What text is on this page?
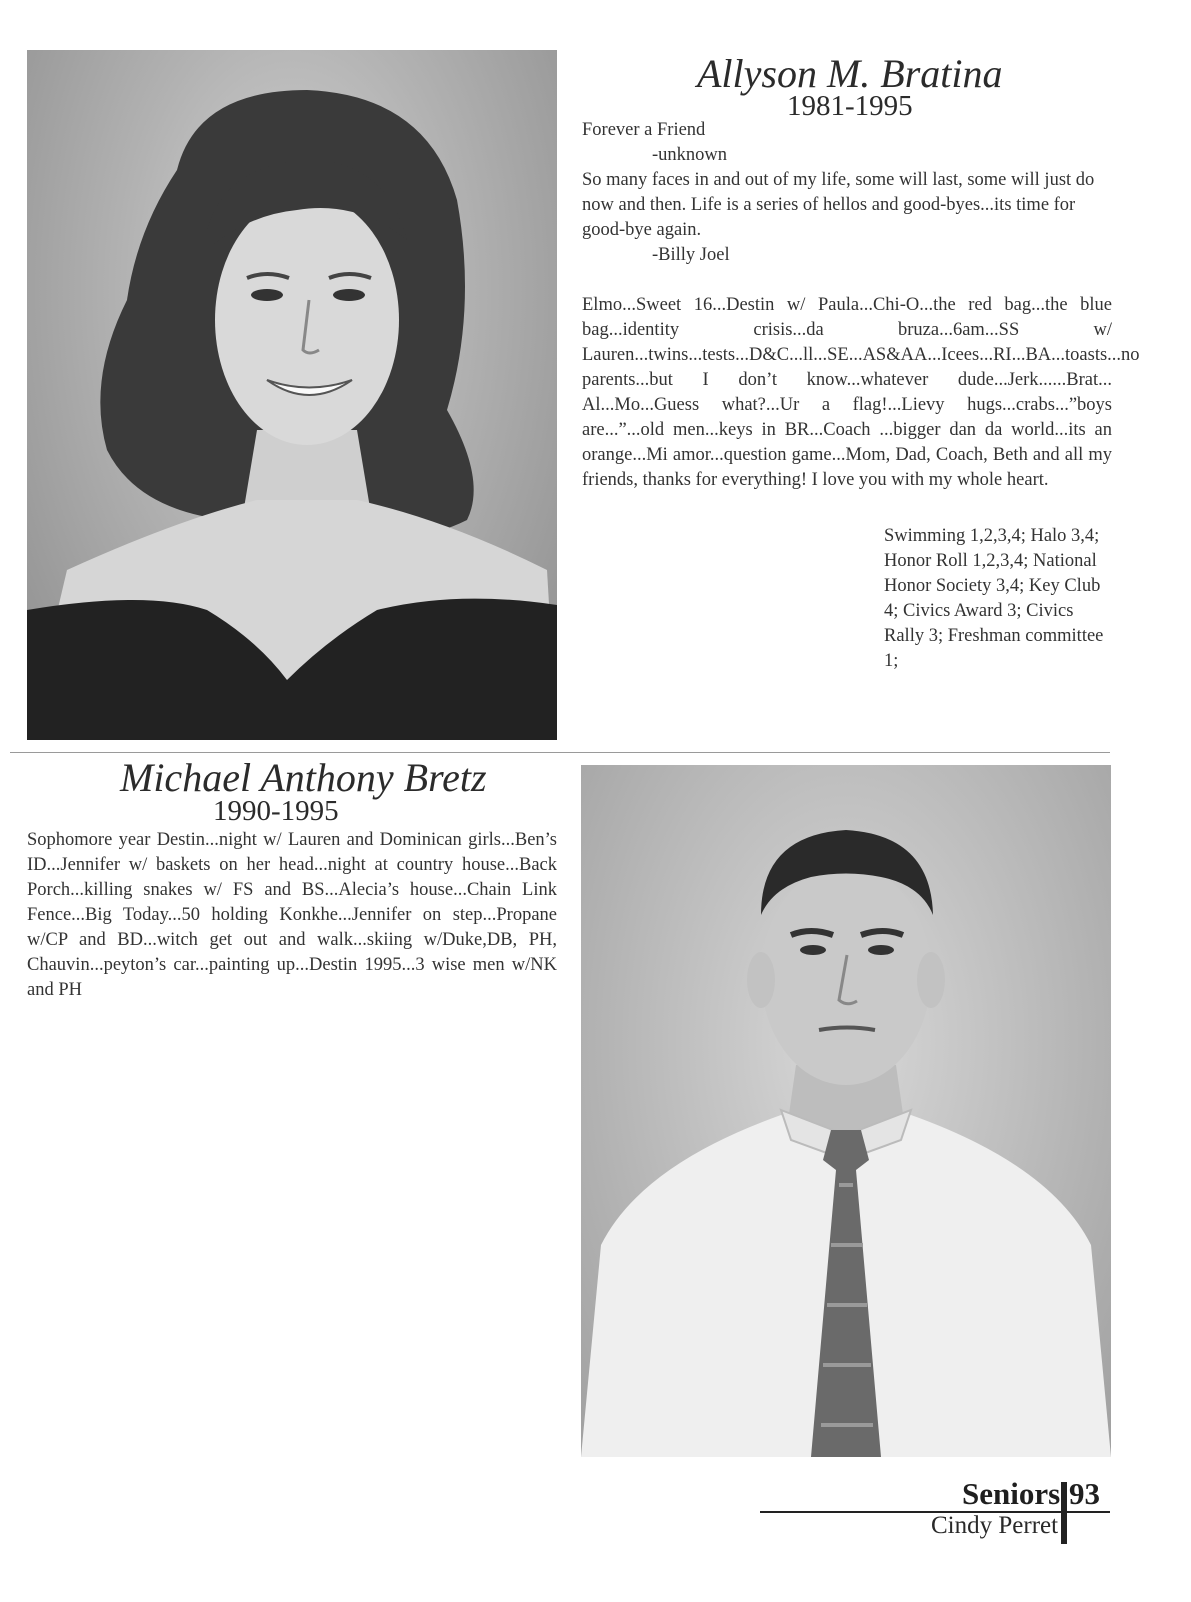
Allyson M. Bratina
1981-1995

Forever a Friend

-unknown

So many faces in and out of my life, some will last, some will just do now and then. Life is a series of hellos and good-byes...its time for good-bye again.

-Billy Joel

Elmo...Sweet 16...Destin w/ Paula...Chi-O...the red bag...the blue bag...identity crisis...da bruza...6am...SS w/ Lauren...twins...tests...D&C...ll...SE...AS&AA...Icees...RI...BA...toasts...no parents...but I don’t know...whatever dude...Jerk......Brat... Al...Mo...Guess what?...Ur a flag!...Lievy hugs...crabs...”boys are...”...old men...keys in BR...Coach ...bigger dan da world...its an orange...Mi amor...question game...Mom, Dad, Coach, Beth and all my friends, thanks for everything! I love you with my whole heart.
Swimming 1,2,3,4; Halo 3,4; Honor Roll 1,2,3,4; National Honor Society 3,4; Key Club 4; Civics Award 3; Civics Rally 3; Freshman committee 1;
Michael Anthony Bretz
1990-1995
Sophomore year Destin...night w/ Lauren and Dominican girls...Ben’s ID...Jennifer w/ baskets on her head...night at country house...Back Porch...killing snakes w/ FS and BS...Alecia’s house...Chain Link Fence...Big Today...50 holding Konkhe...Jennifer on step...Propane w/CP and BD...witch get out and walk...skiing w/Duke,DB, PH, Chauvin...peyton’s car...painting up...Destin 1995...3 wise men w/NK and PH
Seniors 93
Cindy Perret
